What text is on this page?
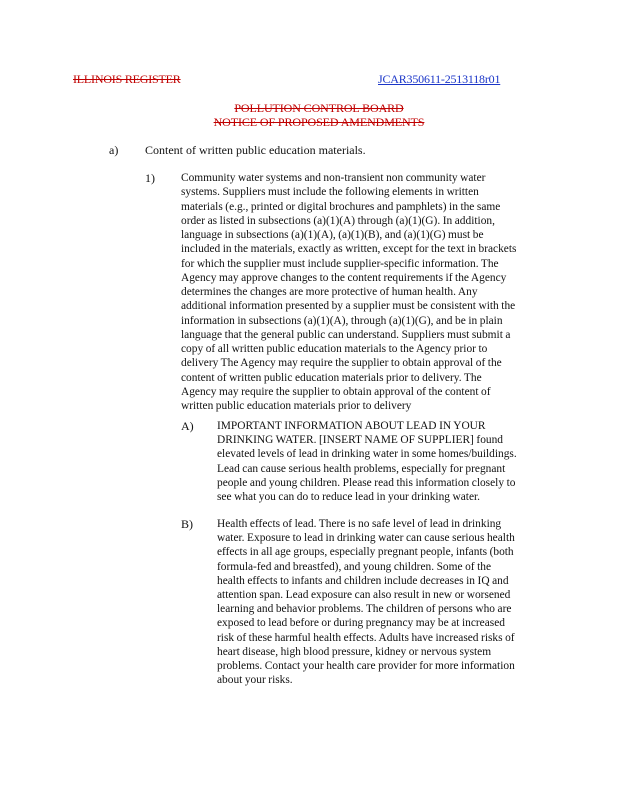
ILLINOIS REGISTER	JCAR350611-2513118r01
POLLUTION CONTROL BOARD
NOTICE OF PROPOSED AMENDMENTS
a) Content of written public education materials.
1) Community water systems and non-transient non community water
systems. Suppliers must include the following elements in written
materials (e.g., printed or digital brochures and pamphlets) in the same
order as listed in subsections (a)(1)(A) through (a)(1)(G). In addition,
language in subsections (a)(1)(A), (a)(1)(B), and (a)(1)(G) must be
included in the materials, exactly as written, except for the text in brackets
for which the supplier must include supplier-specific information. The
Agency may approve changes to the content requirements if the Agency
determines the changes are more protective of human health. Any
additional information presented by a supplier must be consistent with the
information in subsections (a)(1)(A), through (a)(1)(G), and be in plain
language that the general public can understand. Suppliers must submit a
copy of all written public education materials to the Agency prior to
delivery The Agency may require the supplier to obtain approval of the
content of written public education materials prior to delivery. The
Agency may require the supplier to obtain approval of the content of
written public education materials prior to delivery
A) IMPORTANT INFORMATION ABOUT LEAD IN YOUR
DRINKING WATER. [INSERT NAME OF SUPPLIER] found
elevated levels of lead in drinking water in some homes/buildings.
Lead can cause serious health problems, especially for pregnant
people and young children. Please read this information closely to
see what you can do to reduce lead in your drinking water.
B) Health effects of lead. There is no safe level of lead in drinking
water. Exposure to lead in drinking water can cause serious health
effects in all age groups, especially pregnant people, infants (both
formula-fed and breastfed), and young children. Some of the
health effects to infants and children include decreases in IQ and
attention span. Lead exposure can also result in new or worsened
learning and behavior problems. The children of persons who are
exposed to lead before or during pregnancy may be at increased
risk of these harmful health effects. Adults have increased risks of
heart disease, high blood pressure, kidney or nervous system
problems. Contact your health care provider for more information
about your risks.
